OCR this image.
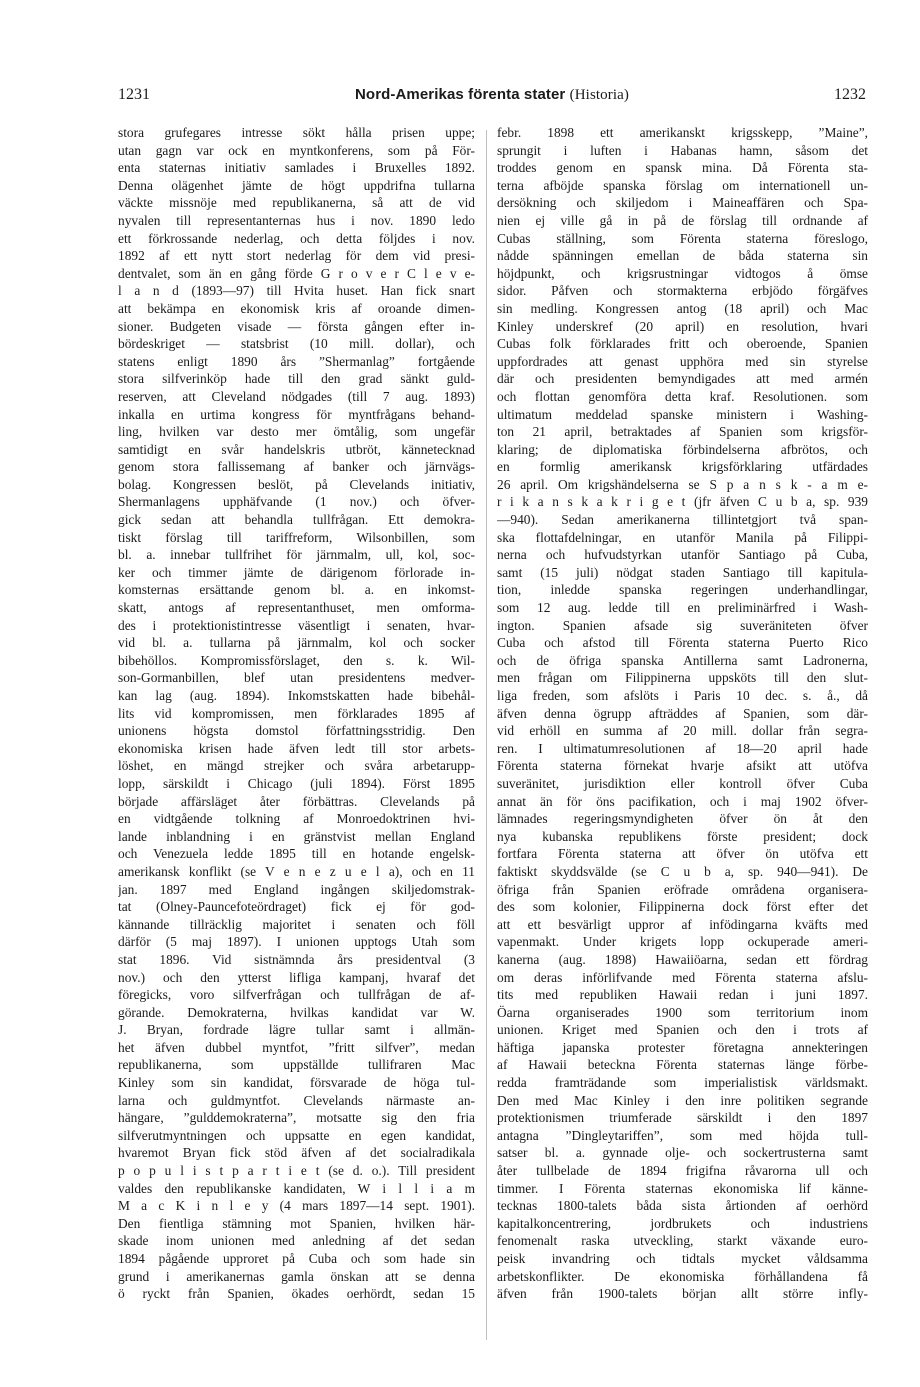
1231	Nord-Amerikas förenta stater (Historia)	1232
stora grufegares intresse sökt hålla prisen uppe;
utan gagn var ock en myntkonferens, som på För-
enta staternas initiativ samlades i Bruxelles 1892.
Denna olägenhet jämte de högt uppdrifna tullarna
väckte missnöje med republikanerna, så att de vid
nyvalen till representanternas hus i nov. 1890 ledo
ett förkrossande nederlag, och detta följdes i nov.
1892 af ett nytt stort nederlag för dem vid presi-
dentvalet, som än en gång förde G r o v e r C l e v e-
l a n d (1893—97) till Hvita huset. Han fick snart
att bekämpa en ekonomisk kris af oroande dimen-
sioner. Budgeten visade — första gången efter in-
bördeskriget — statsbrist (10 mill. dollar), och
statens enligt 1890 års ”Shermanlag” fortgående
stora silfverinköp hade till den grad sänkt guld-
reserven, att Cleveland nödgades (till 7 aug. 1893)
inkalla en urtima kongress för myntfrågans behand-
ling, hvilken var desto mer ömtålig, som ungefär
samtidigt en svår handelskris utbröt, kännetecknad
genom stora fallissemang af banker och järnvägs-
bolag. Kongressen beslöt, på Clevelands initiativ,
Shermanlagens upphäfvande (1 nov.) och öfver-
gick sedan att behandla tullfrågan. Ett demokra-
tiskt förslag till tariffreform, Wilsonbillen, som
bl. a. innebar tullfrihet för järnmalm, ull, kol, soc-
ker och timmer jämte de därigenom förlorade in-
komsternas ersättande genom bl. a. en inkomst-
skatt, antogs af representanthuset, men omforma-
des i protektionistintresse väsentligt i senaten, hvar-
vid bl. a. tullarna på järnmalm, kol och socker
bibehöllos. Kompromissförslaget, den s. k. Wil-
son-Gormanbillen, blef utan presidentens medver-
kan lag (aug. 1894). Inkomstskatten hade bibehål-
lits vid kompromissen, men förklarades 1895 af
unionens högsta domstol författningsstridig. Den
ekonomiska krisen hade äfven ledt till stor arbets-
löshet, en mängd strejker och svåra arbetarupp-
lopp, särskildt i Chicago (juli 1894). Först 1895
började affärsläget åter förbättras. Clevelands på
en vidtgående tolkning af Monroedoktrinen hvi-
lande inblandning i en gränstvist mellan England
och Venezuela ledde 1895 till en hotande engelsk-
amerikansk konflikt (se V e n e z u e l a), och en 11
jan. 1897 med England ingången skiljedomstrak-
tat (Olney-Pauncefoteördraget) fick ej för god-
kännande tillräcklig majoritet i senaten och föll
därför (5 maj 1897). I unionen upptogs Utah som
stat 1896. Vid sistnämnda års presidentval (3
nov.) och den ytterst lifliga kampanj, hvaraf det
föregicks, voro silfverfrågan och tullfrågan de af-
görande. Demokraterna, hvilkas kandidat var W.
J. Bryan, fordrade lägre tullar samt i allmän-
het äfven dubbel myntfot, ”fritt silfver”, medan
republikanerna, som uppställde tullifraren Mac
Kinley som sin kandidat, försvarade de höga tul-
larna och guldmyntfot. Clevelands närmaste an-
hängare, ”gulddemokraterna”, motsatte sig den fria
silfverutmyntningen och uppsatte en egen kandidat,
hvaremot Bryan fick stöd äfven af det socialradikala
p o p u l i s t p a r t i e t (se d. o.). Till president
valdes den republikanske kandidaten, W i l l i a m
M a c K i n l e y (4 mars 1897—14 sept. 1901).
Den fientliga stämning mot Spanien, hvilken här-
skade inom unionen med anledning af det sedan
1894 pågående upproret på Cuba och som hade sin
grund i amerikanernas gamla önskan att se denna
ö ryckt från Spanien, ökades oerhördt, sedan 15
febr. 1898 ett amerikanskt krigsskepp, ”Maine”,
sprungit i luften i Habanas hamn, såsom det
troddes genom en spansk mina. Då Förenta sta-
terna afböjde spanska förslag om internationell un-
dersökning och skiljedom i Maineaffären och Spa-
nien ej ville gå in på de förslag till ordnande af
Cubas ställning, som Förenta staterna föreslogo,
nådde spänningen emellan de båda staterna sin
höjdpunkt, och krigsrustningar vidtogos å ömse
sidor. Påfven och stormakterna erbjödo förgäfves
sin medling. Kongressen antog (18 april) och Mac
Kinley underskref (20 april) en resolution, hvari
Cubas folk förklarades fritt och oberoende, Spanien
uppfordrades att genast upphöra med sin styrelse
där och presidenten bemyndigades att med armén
och flottan genomföra detta kraf. Resolutionen. som
ultimatum meddelad spanske ministern i Washing-
ton 21 april, betraktades af Spanien som krigsför-
klaring; de diplomatiska förbindelserna afbrötos, och
en formlig amerikansk krigsförklaring utfärdades
26 april. Om krigshändelserna se S p a n s k - a m e-
r i k a n s k a k r i g e t (jfr äfven C u b a, sp. 939
—940). Sedan amerikanerna tillintetgjort två span-
ska flottafdelningar, en utanför Manila på Filippi-
nerna och hufvudstyrkan utanför Santiago på Cuba,
samt (15 juli) nödgat staden Santiago till kapitula-
tion, inledde spanska regeringen underhandlingar,
som 12 aug. ledde till en preliminärfred i Wash-
ington. Spanien afsade sig suveräniteten öfver
Cuba och afstod till Förenta staterna Puerto Rico
och de öfriga spanska Antillerna samt Ladronerna,
men frågan om Filippinerna uppsköts till den slut-
liga freden, som afslöts i Paris 10 dec. s. å., då
äfven denna ögrupp afträddes af Spanien, som där-
vid erhöll en summa af 20 mill. dollar från segra-
ren. I ultimatumresolutionen af 18—20 april hade
Förenta staterna förnekat hvarje afsikt att utöfva
suveränitet, jurisdiktion eller kontroll öfver Cuba
annat än för öns pacifikation, och i maj 1902 öfver-
lämnades regeringsmyndigheten öfver ön åt den
nya kubanska republikens förste president; dock
fortfara Förenta staterna att öfver ön utöfva ett
faktiskt skyddsvälde (se C u b a, sp. 940—941). De
öfriga från Spanien eröfrade områdena organisera-
des som kolonier, Filippinerna dock först efter det
att ett besvärligt uppror af infödingarna kväfts med
vapenmakt. Under krigets lopp ockuperade ameri-
kanerna (aug. 1898) Hawaiiöarna, sedan ett fördrag
om deras införlifvande med Förenta staterna afslu-
tits med republiken Hawaii redan i juni 1897.
Öarna organiserades 1900 som territorium inom
unionen. Kriget med Spanien och den i trots af
häftiga japanska protester företagna annekteringen
af Hawaii beteckna Förenta staternas länge förbe-
redda framträdande som imperialistisk världsmakt.
Den med Mac Kinley i den inre politiken segrande
protektionismen triumferade särskildt i den 1897
antagna ”Dingleytariffen”, som med höjda tull-
satser bl. a. gynnade olje- och sockertrusterna samt
åter tullbelade de 1894 frigifna råvarorna ull och
timmer. I Förenta staternas ekonomiska lif känne-
tecknas 1800-talets båda sista årtionden af oerhörd
kapitalkoncentrering, jordbrukets och industriens
fenomenalt raska utveckling, starkt växande euro-
peisk invandring och tidtals mycket våldsamma
arbetskonflikter. De ekonomiska förhållandena få
äfven från 1900-talets början allt större infly-
